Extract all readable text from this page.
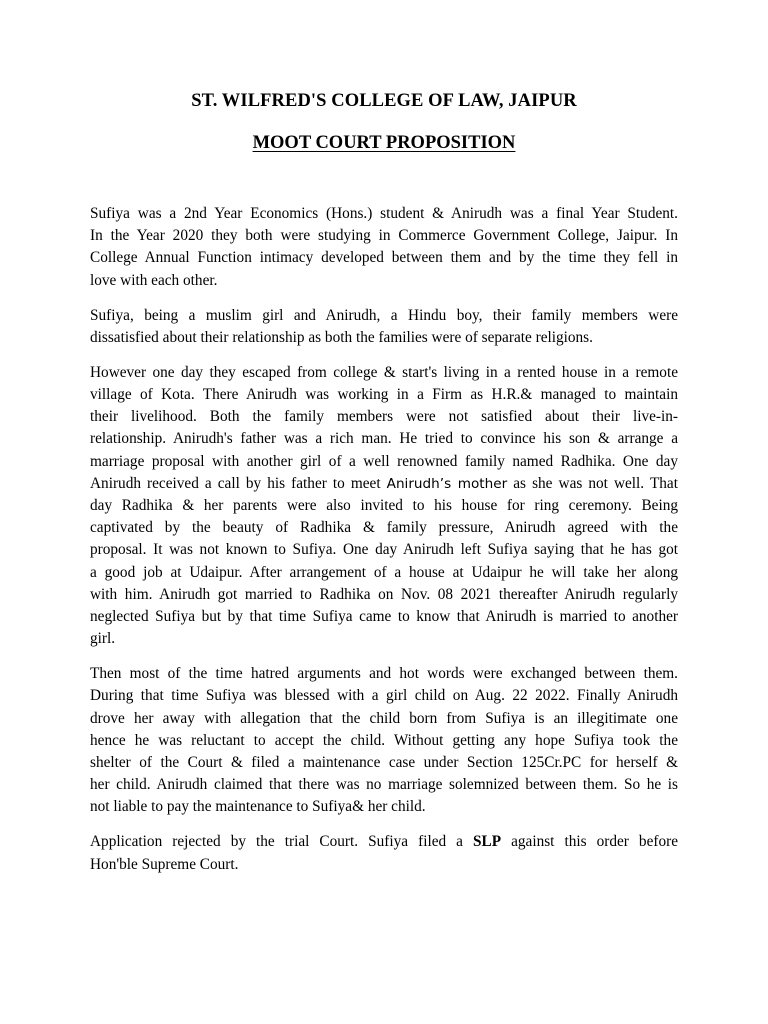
ST. WILFRED'S COLLEGE OF LAW, JAIPUR
MOOT COURT PROPOSITION

Sufiya was a 2nd Year Economics (Hons.) student & Anirudh was a final Year Student.
In the Year 2020 they both were studying in Commerce Government College, Jaipur. In
College Annual Function intimacy developed between them and by the time they fell in
love with each other.

Sufiya, being a muslim girl and Anirudh, a Hindu boy, their family members were
dissatisfied about their relationship as both the families were of separate religions.

However one day they escaped from college & start's living in a rented house in a remote
village of Kota. There Anirudh was working in a Firm as H.R.& managed to maintain
their livelihood. Both the family members were not satisfied about their live-in-
relationship. Anirudh's father was a rich man. He tried to convince his son & arrange a
marriage proposal with another girl of a well renowned family named Radhika. One day
Anirudh received a call by his father to meet Anirudh’s mother as she was not well. That
day Radhika & her parents were also invited to his house for ring ceremony. Being
captivated by the beauty of Radhika & family pressure, Anirudh agreed with the
proposal. It was not known to Sufiya. One day Anirudh left Sufiya saying that he has got
a good job at Udaipur. After arrangement of a house at Udaipur he will take her along
with him. Anirudh got married to Radhika on Nov. 08 2021 thereafter Anirudh regularly
neglected Sufiya but by that time Sufiya came to know that Anirudh is married to another
girl.

Then most of the time hatred arguments and hot words were exchanged between them.
During that time Sufiya was blessed with a girl child on Aug. 22 2022. Finally Anirudh
drove her away with allegation that the child born from Sufiya is an illegitimate one
hence he was reluctant to accept the child. Without getting any hope Sufiya took the
shelter of the Court & filed a maintenance case under Section 125Cr.PC for herself &
her child. Anirudh claimed that there was no marriage solemnized between them. So he is
not liable to pay the maintenance to Sufiya& her child.

Application rejected by the trial Court. Sufiya filed a SLP against this order before
Hon'ble Supreme Court.
